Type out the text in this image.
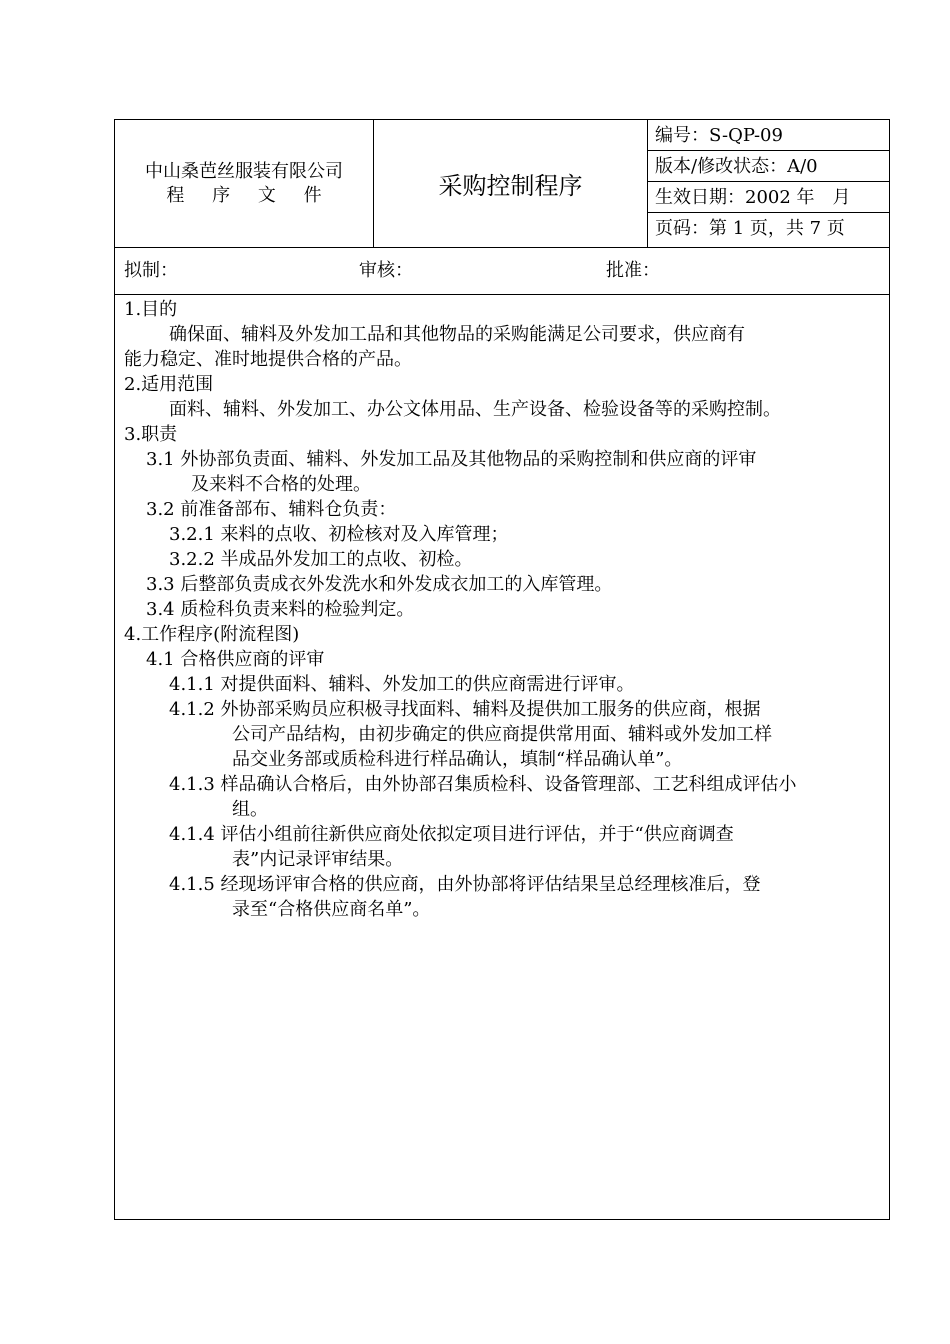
中山桑芭丝服装有限公司
程 序 文 件	采购控制程序
编号：S-QP-09
版本/修改状态：A/0
生效日期：2002 年　月
页码：第 1 页，共 7 页
拟制：	审核：	批准：
1.目的
确保面、辅料及外发加工品和其他物品的采购能满足公司要求，供应商有
能力稳定、准时地提供合格的产品。
2.适用范围
面料、辅料、外发加工、办公文体用品、生产设备、检验设备等的采购控制。
3.职责
3.1 外协部负责面、辅料、外发加工品及其他物品的采购控制和供应商的评审
及来料不合格的处理。
3.2 前准备部布、辅料仓负责：
3.2.1 来料的点收、初检核对及入库管理；
3.2.2 半成品外发加工的点收、初检。
3.3 后整部负责成衣外发洗水和外发成衣加工的入库管理。
3.4 质检科负责来料的检验判定。
4.工作程序(附流程图)
4.1 合格供应商的评审
4.1.1 对提供面料、辅料、外发加工的供应商需进行评审。
4.1.2 外协部采购员应积极寻找面料、辅料及提供加工服务的供应商，根据
公司产品结构，由初步确定的供应商提供常用面、辅料或外发加工样
品交业务部或质检科进行样品确认，填制“样品确认单”。
4.1.3 样品确认合格后，由外协部召集质检科、设备管理部、工艺科组成评估小
组。
4.1.4 评估小组前往新供应商处依拟定项目进行评估，并于“供应商调查
表”内记录评审结果。
4.1.5 经现场评审合格的供应商，由外协部将评估结果呈总经理核准后，登
录至“合格供应商名单”。
